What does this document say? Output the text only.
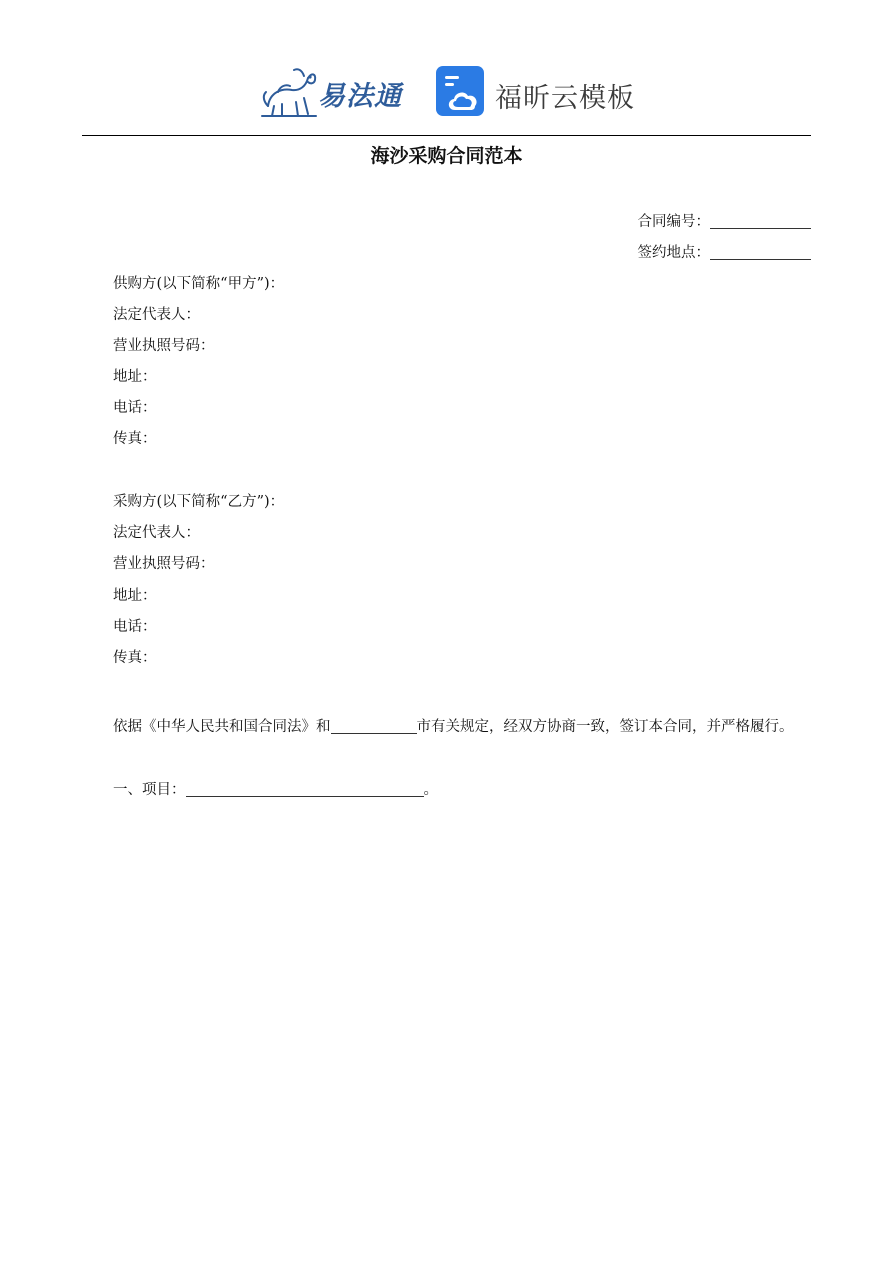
易法通	福昕云模板
海沙采购合同范本
合同编号：
签约地点：
供购方(以下简称“甲方”)：
法定代表人：
营业执照号码：
地址：
电话：
传真：
采购方(以下简称“乙方”)：
法定代表人：
营业执照号码：
地址：
电话：
传真：
依据《中华人民共和国合同法》和	市有关规定，经双方协商一致，签订本合同，并严格履行。
一、项目：	。
